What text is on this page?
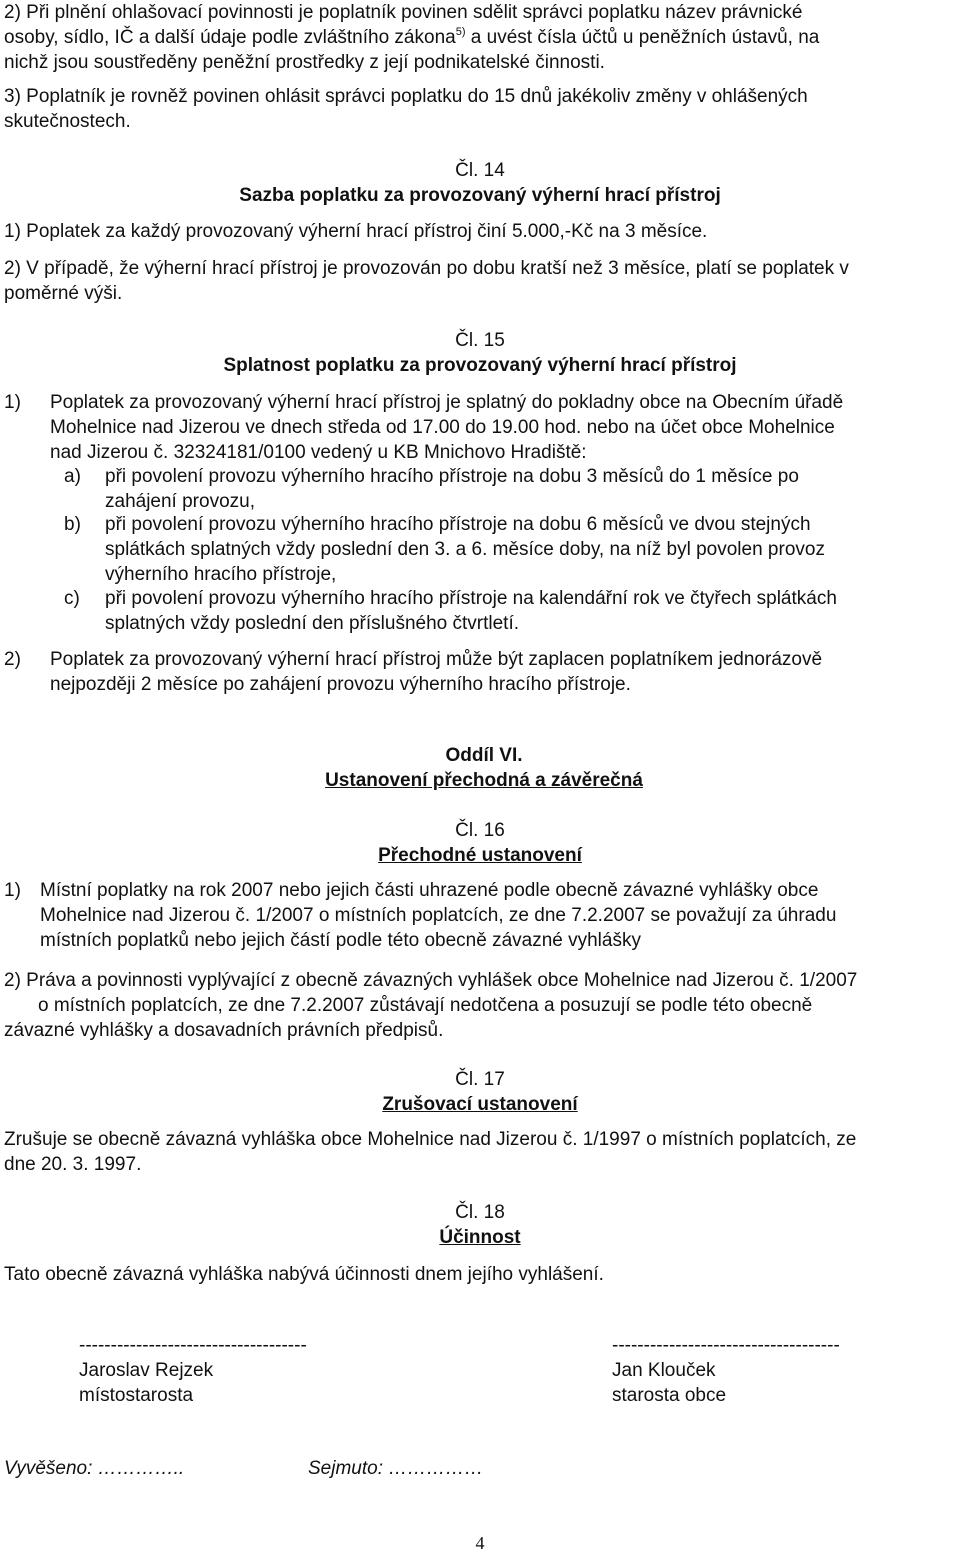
2) Při plnění ohlašovací povinnosti je poplatník povinen sdělit správci poplatku název právnické
osoby, sídlo, IČ a další údaje podle zvláštního zákona$^{5)}$ a uvést čísla účtů u peněžních ústavů, na
nichž jsou soustředěny peněžní prostředky z její podnikatelské činnosti.
3) Poplatník je rovněž povinen ohlásit správci poplatku do 15 dnů jakékoliv změny v ohlášených
skutečnostech.
Čl. 14
Sazba poplatku za provozovaný výherní hrací přístroj
1) Poplatek za každý provozovaný výherní hrací přístroj činí 5.000,-Kč na 3 měsíce.
2) V případě, že výherní hrací přístroj je provozován po dobu kratší než 3 měsíce, platí se poplatek v
poměrné výši.
Čl. 15
Splatnost poplatku za provozovaný výherní hrací přístroj
1) Poplatek za provozovaný výherní hrací přístroj je splatný do pokladny obce na Obecním úřadě
Mohelnice nad Jizerou ve dnech středa od 17.00 do 19.00 hod. nebo na účet obce Mohelnice
nad Jizerou č. 32324181/0100 vedený u KB Mnichovo Hradiště:
a) při povolení provozu výherního hracího přístroje na dobu 3 měsíců do 1 měsíce po
zahájení provozu,
b) při povolení provozu výherního hracího přístroje na dobu 6 měsíců ve dvou stejných
splátkách splatných vždy poslední den 3. a 6. měsíce doby, na níž byl povolen provoz
výherního hracího přístroje,
c) při povolení provozu výherního hracího přístroje na kalendářní rok ve čtyřech splátkách
splatných vždy poslední den příslušného čtvrtletí.
2) Poplatek za provozovaný výherní hrací přístroj může být zaplacen poplatníkem jednorázově
nejpozději 2 měsíce po zahájení provozu výherního hracího přístroje.
Oddíl VI.
Ustanovení přechodná a závěrečná
Čl. 16
Přechodné ustanovení
1) Místní poplatky na rok 2007 nebo jejich části uhrazené podle obecně závazné vyhlášky obce
Mohelnice nad Jizerou č. 1/2007 o místních poplatcích, ze dne 7.2.2007 se považují za úhradu
místních poplatků nebo jejich částí podle této obecně závazné vyhlášky
2) Práva a povinnosti vyplývající z obecně závazných vyhlášek obce Mohelnice nad Jizerou č. 1/2007
o místních poplatcích, ze dne 7.2.2007 zůstávají nedotčena a posuzují se podle této obecně
závazné vyhlášky a dosavadních právních předpisů.
Čl. 17
Zrušovací ustanovení
Zrušuje se obecně závazná vyhláška obce Mohelnice nad Jizerou č. 1/1997 o místních poplatcích, ze
dne 20. 3. 1997.
Čl. 18
Účinnost
Tato obecně závazná vyhláška nabývá účinnosti dnem jejího vyhlášení.
------------------------------------
Jaroslav Rejzek
místostarosta
------------------------------------
Jan Klouček
starosta obce
Vyvěšeno: …………..	Sejmuto: ……………
4
